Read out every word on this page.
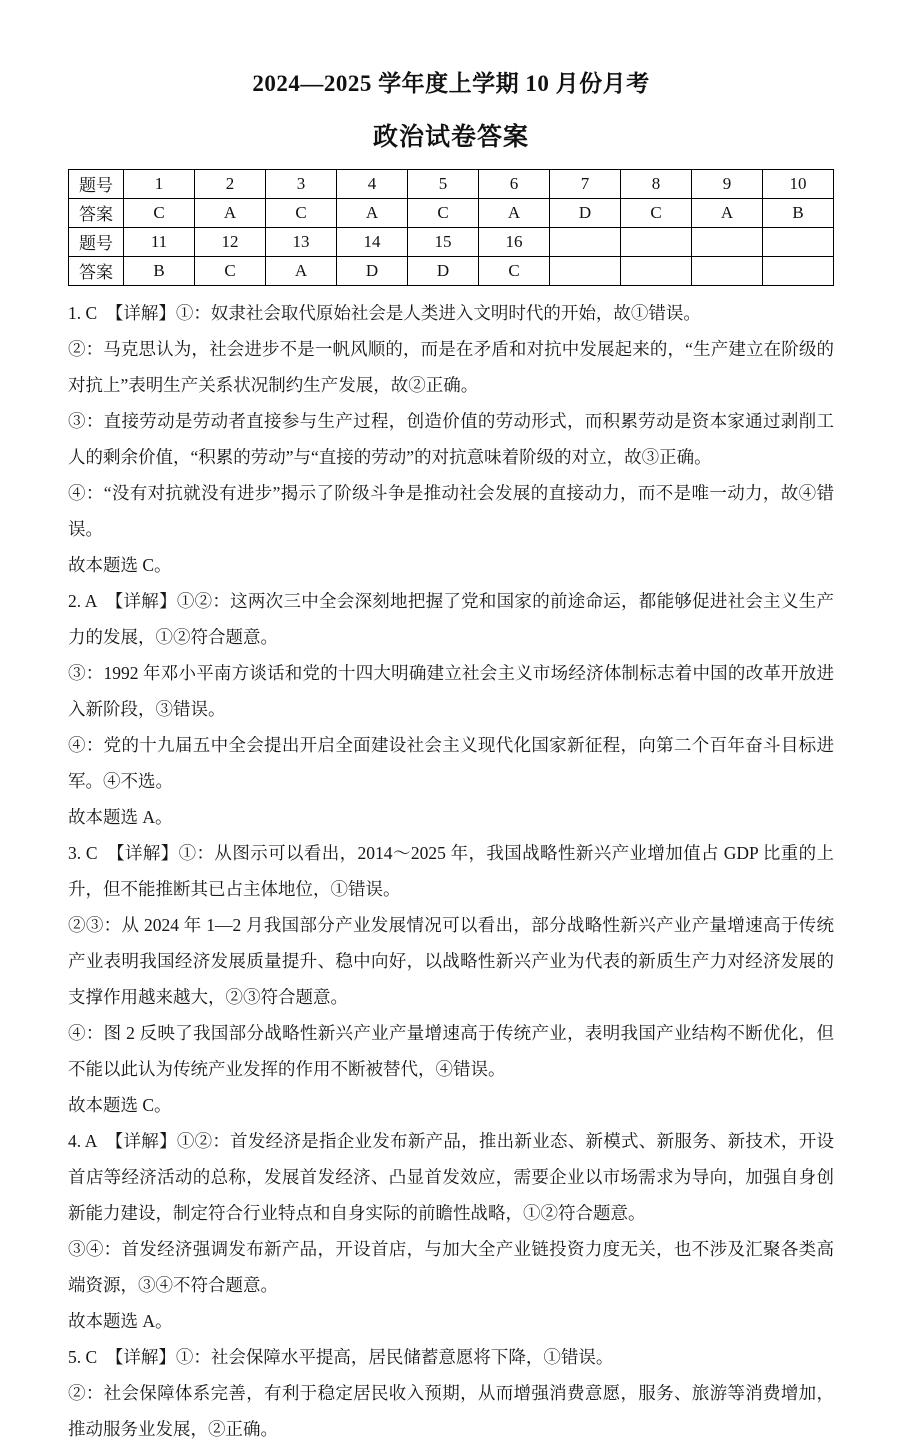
2024—2025 学年度上学期 10 月份月考
政治试卷答案
题号	1	2	3	4	5	6	7	8	9	10
答案	C	A	C	A	C	A	D	C	A	B
题号	11	12	13	14	15	16				
答案	B	C	A	D	D	C				

1. C　【详解】①：奴隶社会取代原始社会是人类进入文明时代的开始，故①错误。

②：马克思认为，社会进步不是一帆风顺的，而是在矛盾和对抗中发展起来的，“生产建立在阶级的对抗上”表明生产关系状况制约生产发展，故②正确。

③：直接劳动是劳动者直接参与生产过程，创造价值的劳动形式，而积累劳动是资本家通过剥削工人的剩余价值，“积累的劳动”与“直接的劳动”的对抗意味着阶级的对立，故③正确。

④：“没有对抗就没有进步”揭示了阶级斗争是推动社会发展的直接动力，而不是唯一动力，故④错误。

故本题选 C。

2. A　【详解】①②：这两次三中全会深刻地把握了党和国家的前途命运，都能够促进社会主义生产力的发展，①②符合题意。

③：1992 年邓小平南方谈话和党的十四大明确建立社会主义市场经济体制标志着中国的改革开放进入新阶段，③错误。

④：党的十九届五中全会提出开启全面建设社会主义现代化国家新征程，向第二个百年奋斗目标进军。④不选。

故本题选 A。

3. C　【详解】①：从图示可以看出，2014～2025 年，我国战略性新兴产业增加值占 GDP 比重的上升，但不能推断其已占主体地位，①错误。

②③：从 2024 年 1—2 月我国部分产业发展情况可以看出，部分战略性新兴产业产量增速高于传统产业表明我国经济发展质量提升、稳中向好，以战略性新兴产业为代表的新质生产力对经济发展的支撑作用越来越大，②③符合题意。

④：图 2 反映了我国部分战略性新兴产业产量增速高于传统产业，表明我国产业结构不断优化，但不能以此认为传统产业发挥的作用不断被替代，④错误。

故本题选 C。

4. A　【详解】①②：首发经济是指企业发布新产品，推出新业态、新模式、新服务、新技术，开设首店等经济活动的总称，发展首发经济、凸显首发效应，需要企业以市场需求为导向，加强自身创新能力建设，制定符合行业特点和自身实际的前瞻性战略，①②符合题意。

③④：首发经济强调发布新产品，开设首店，与加大全产业链投资力度无关，也不涉及汇聚各类高端资源，③④不符合题意。

故本题选 A。

5. C　【详解】①：社会保障水平提高，居民储蓄意愿将下降，①错误。

②：社会保障体系完善，有利于稳定居民收入预期，从而增强消费意愿，服务、旅游等消费增加，推动服务业发展，②正确。
